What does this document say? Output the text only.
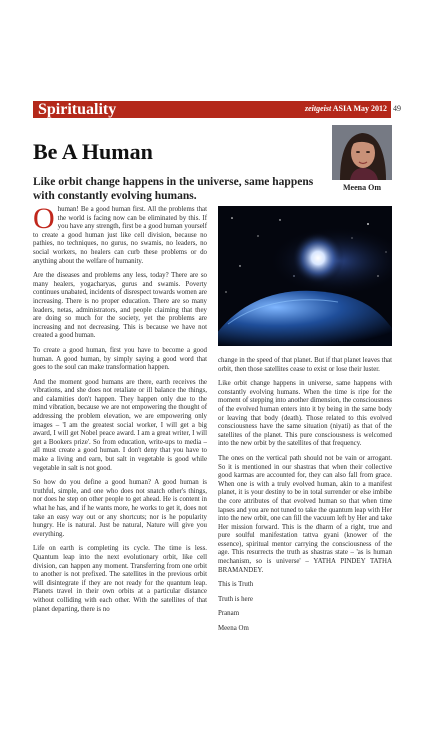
Spirituality	zeitgeist ASIA May 2012 49
Be A Human

Like orbit change happens in the universe, same happens with constantly evolving humans.

Meena Om

Ohuman! Be a good human first. All the problems that the world is facing now can be eliminated by this. If you have any strength, first be a good human yourself to create a good human just like cell division, because no pathies, no techniques, no gurus, no swamis, no leaders, no social workers, no healers can curb these problems or do anything about the welfare of humanity.

Are the diseases and problems any less, today? There are so many healers, yogacharyas, gurus and swamis. Poverty continues unabated, incidents of disrespect towards women are increasing. There is no proper education. There are so many leaders, netas, administrators, and people claiming that they are doing so much for the society, yet the problems are increasing and not decreasing. This is because we have not created a good human.

To create a good human, first you have to become a good human. A good human, by simply saying a good word that goes to the soul can make transformation happen.

And the moment good humans are there, earth receives the vibrations, and she does not retaliate or ill balance the things, and calamities don't happen. They happen only due to the mind vibration, because we are not empowering the thought of addressing the problem elevation, we are empowering only images – 'I am the greatest social worker, I will get a big award, I will get Nobel peace award. I am a great writer, I will get a Bookers prize'. So from education, write-ups to media – all must create a good human. I don't deny that you have to make a living and earn, but salt in vegetable is good while vegetable in salt is not good.

So how do you define a good human? A good human is truthful, simple, and one who does not snatch other's things, nor does he step on other people to get ahead. He is content in what he has, and if he wants more, he works to get it, does not take an easy way out or any shortcuts; nor is he popularity hungry. He is natural. Just be natural, Nature will give you everything.

Life on earth is completing its cycle. The time is less. Quantum leap into the next evolutionary orbit, like cell division, can happen any moment. Transferring from one orbit to another is not prefixed. The satellites in the previous orbit will disintegrate if they are not ready for the quantum leap. Planets travel in their own orbits at a particular distance without colliding with each other. With the satellites of that planet departing, there is no

change in the speed of that planet. But if that planet leaves that orbit, then those satellites cease to exist or lose their luster.

Like orbit change happens in universe, same happens with constantly evolving humans. When the time is ripe for the moment of stepping into another dimension, the consciousness of the evolved human enters into it by being in the same body or leaving that body (death). Those related to this evolved consciousness have the same situation (niyati) as that of the satellites of the planet. This pure consciousness is welcomed into the new orbit by the satellites of that frequency.

The ones on the vertical path should not be vain or arrogant. So it is mentioned in our shastras that when their collective good karmas are accounted for, they can also fall from grace. When one is with a truly evolved human, akin to a manifest planet, it is your destiny to be in total surrender or else imbibe the core attributes of that evolved human so that when time lapses and you are not tuned to take the quantum leap with Her into the new orbit, one can fill the vacuum left by Her and take Her mission forward. This is the dharm of a right, true and pure soulful manifestation tattva gyani (knower of the essence), spiritual mentor carrying the consciousness of the age. This resurrects the truth as shastras state – 'as is human mechanism, so is universe' – YATHA PINDEY TATHA BRAMANDEY.

This is Truth

Truth is here

Pranam

Meena Om
